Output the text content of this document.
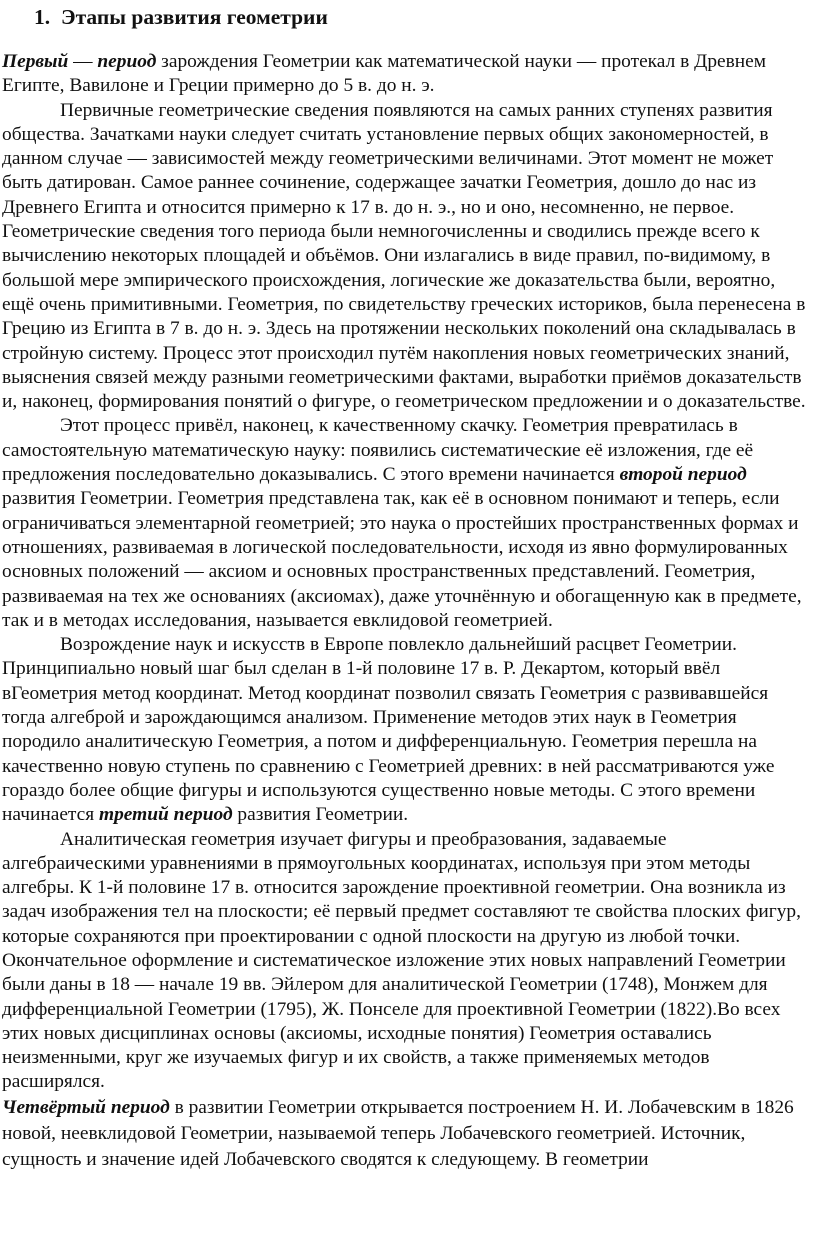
1. Этапы развития геометрии

Первый — период зарождения Геометрии как математической науки — протекал в Древнем Египте, Вавилоне и Греции примерно до 5 в. до н. э.

Первичные геометрические сведения появляются на самых ранних ступенях развития общества. Зачатками науки следует считать установление первых общих закономерностей, в данном случае — зависимостей между геометрическими величинами. Этот момент не может быть датирован. Самое раннее сочинение, содержащее зачатки Геометрия, дошло до нас из Древнего Египта и относится примерно к 17 в. до н. э., но и оно, несомненно, не первое. Геометрические сведения того периода были немногочисленны и сводились прежде всего к вычислению некоторых площадей и объёмов. Они излагались в виде правил, по-видимому, в большой мере эмпирического происхождения, логические же доказательства были, вероятно, ещё очень примитивными. Геометрия, по свидетельству греческих историков, была перенесена в Грецию из Египта в 7 в. до н. э. Здесь на протяжении нескольких поколений она складывалась в стройную систему. Процесс этот происходил путём накопления новых геометрических знаний, выяснения связей между разными геометрическими фактами, выработки приёмов доказательств и, наконец, формирования понятий о фигуре, о геометрическом предложении и о доказательстве.

Этот процесс привёл, наконец, к качественному скачку. Геометрия превратилась в самостоятельную математическую науку: появились систематические её изложения, где её предложения последовательно доказывались. С этого времени начинается второй период развития Геометрии. Геометрия представлена так, как её в основном понимают и теперь, если ограничиваться элементарной геометрией; это наука о простейших пространственных формах и отношениях, развиваемая в логической последовательности, исходя из явно формулированных основных положений — аксиом и основных пространственных представлений. Геометрия, развиваемая на тех же основаниях (аксиомах), даже уточнённую и обогащенную как в предмете, так и в методах исследования, называется евклидовой геометрией.

Возрождение наук и искусств в Европе повлекло дальнейший расцвет Геометрии. Принципиально новый шаг был сделан в 1-й половине 17 в. Р. Декартом, который ввёл вГеометрия метод координат. Метод координат позволил связать Геометрия с развивавшейся тогда алгеброй и зарождающимся анализом. Применение методов этих наук в Геометрия породило аналитическую Геометрия, а потом и дифференциальную. Геометрия перешла на качественно новую ступень по сравнению с Геометрией древних: в ней рассматриваются уже гораздо более общие фигуры и используются существенно новые методы. С этого времени начинается третий период развития Геометрии.

Аналитическая геометрия изучает фигуры и преобразования, задаваемые алгебраическими уравнениями в прямоугольных координатах, используя при этом методы алгебры. К 1-й половине 17 в. относится зарождение проективной геометрии. Она возникла из задач изображения тел на плоскости; её первый предмет составляют те свойства плоских фигур, которые сохраняются при проектировании с одной плоскости на другую из любой точки. Окончательное оформление и систематическое изложение этих новых направлений Геометрии были даны в 18 — начале 19 вв. Эйлером для аналитической Геометрии (1748), Монжем для дифференциальной Геометрии (1795), Ж. Понселе для проективной Геометрии (1822).Во всех этих новых дисциплинах основы (аксиомы, исходные понятия) Геометрия оставались неизменными, круг же изучаемых фигур и их свойств, а также применяемых методов расширялся.

Четвёртый период в развитии Геометрии открывается построением Н. И. Лобачевским в 1826 новой, неевклидовой Геометрии, называемой теперь Лобачевского геометрией. Источник, сущность и значение идей Лобачевского сводятся к следующему. В геометрии
